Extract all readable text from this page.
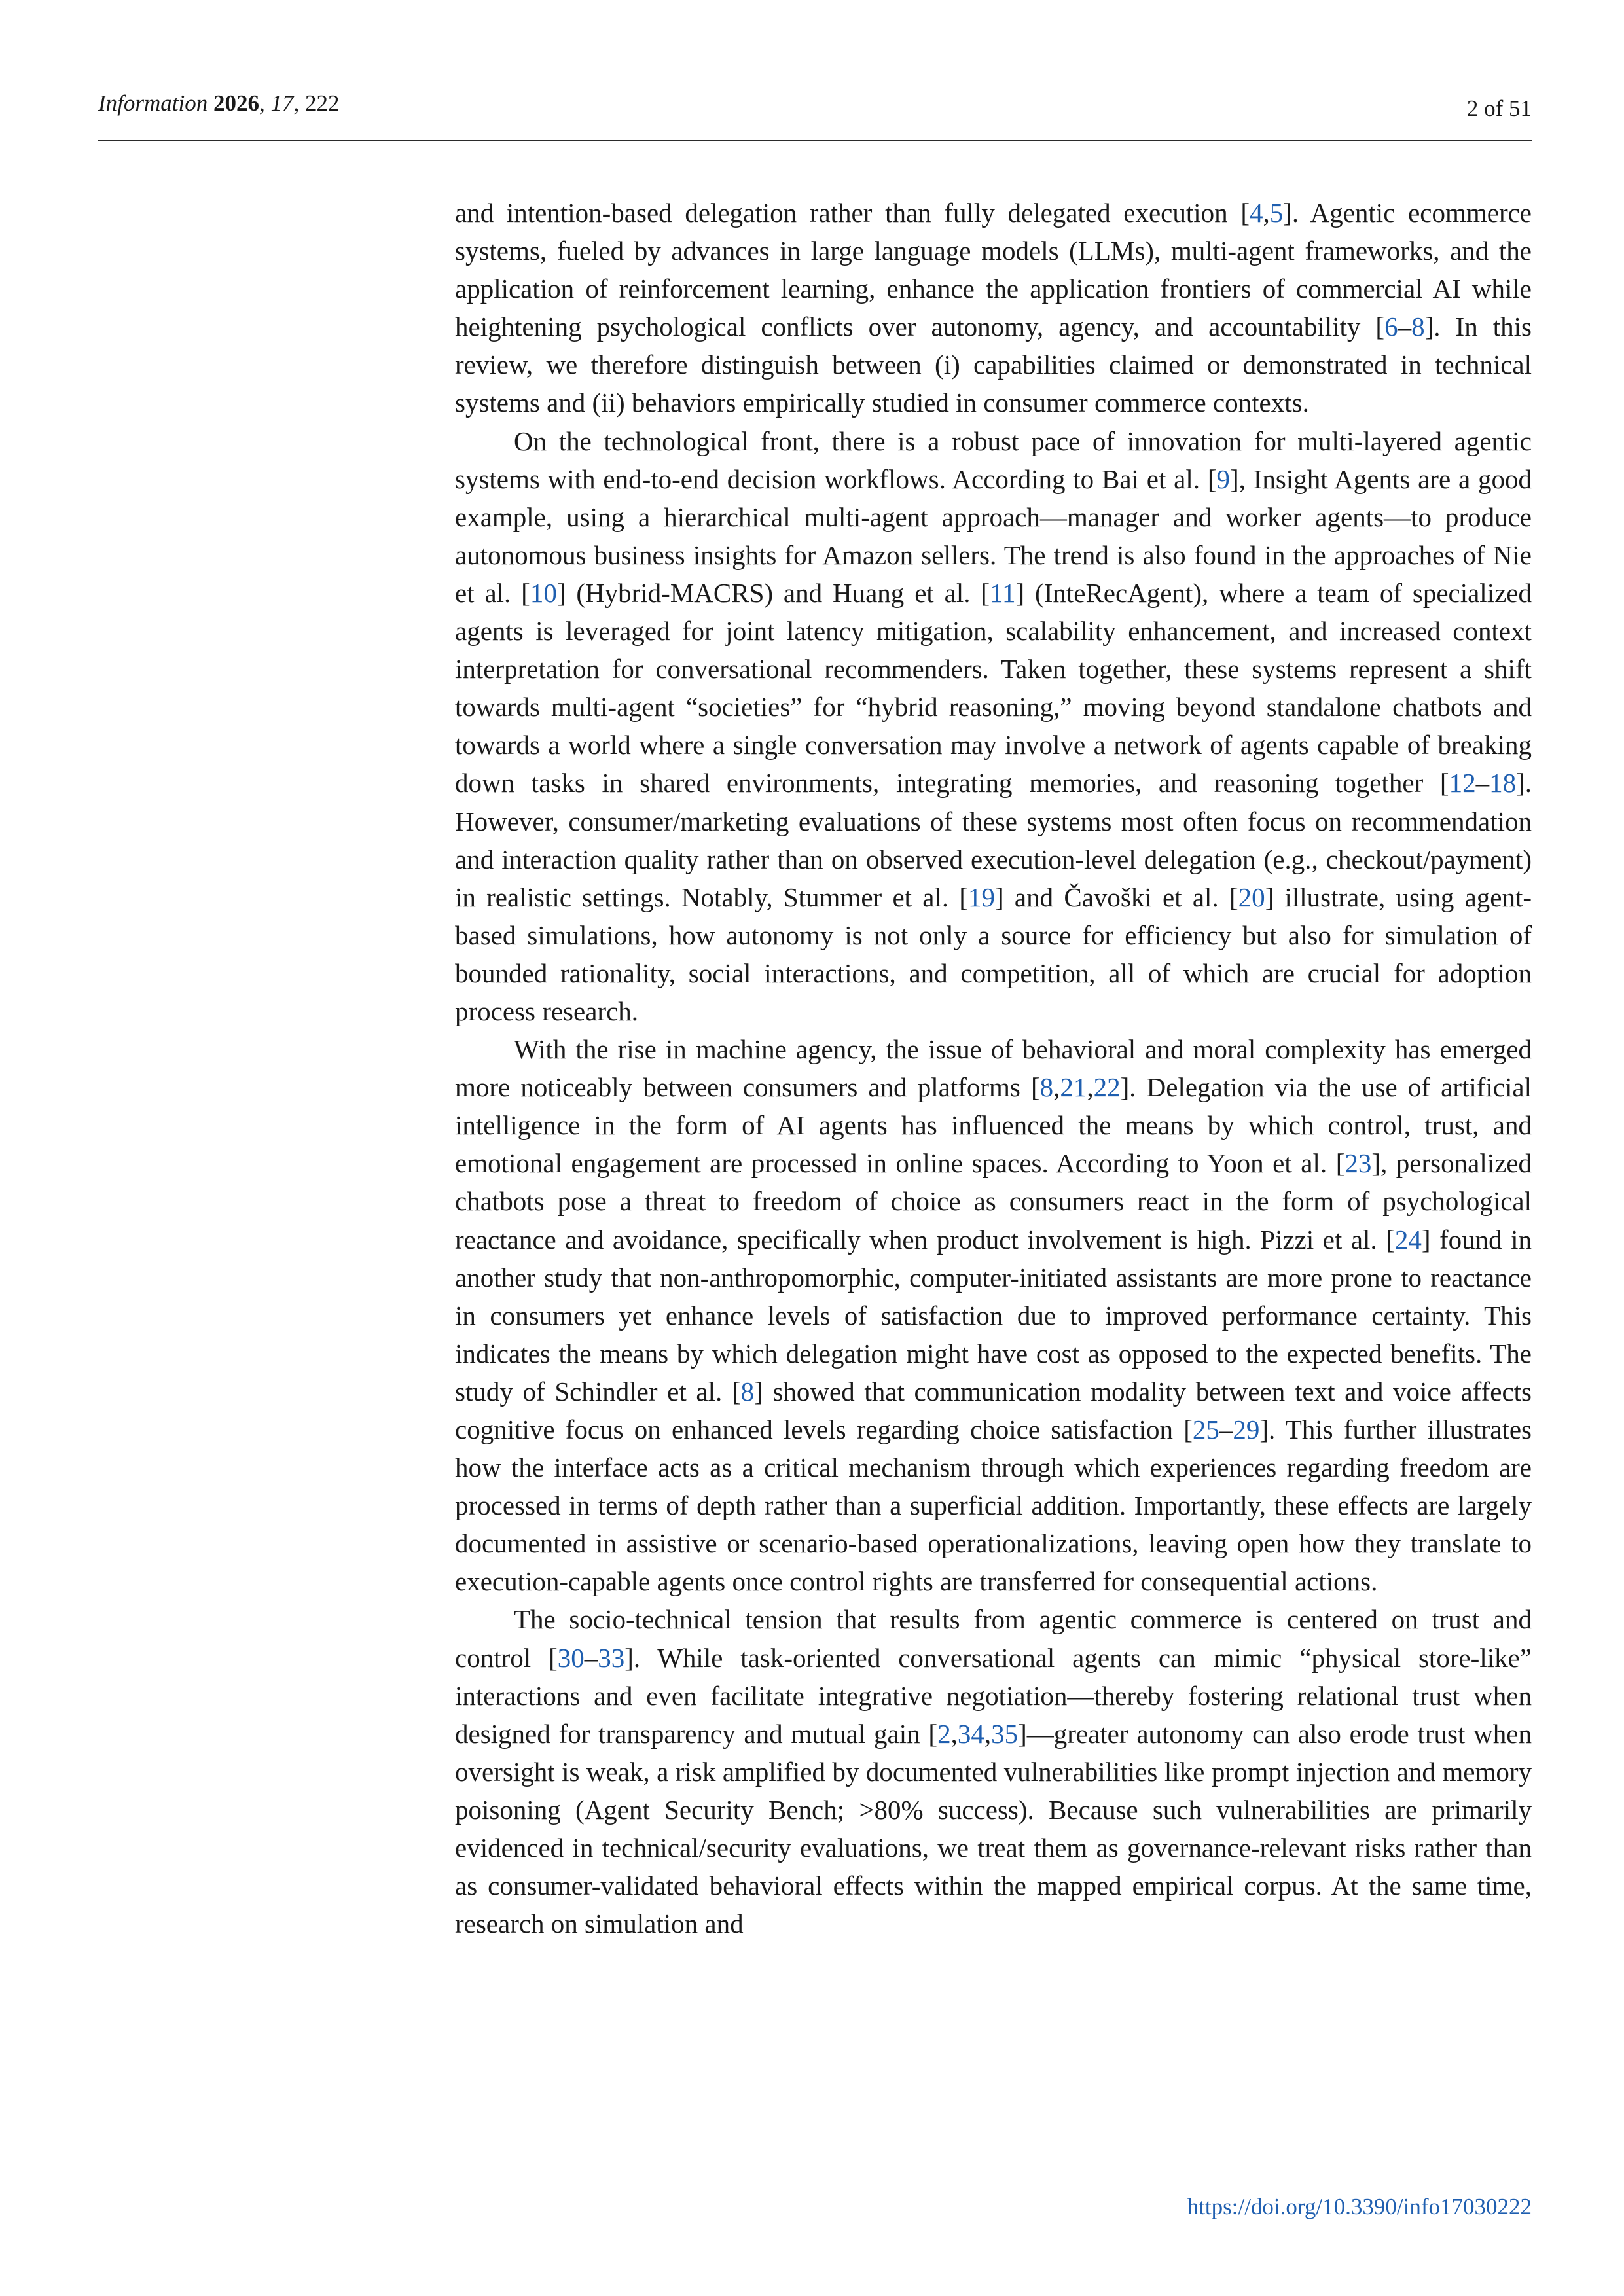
Information 2026, 17, 222	2 of 51

and intention-based delegation rather than fully delegated execution [4,5]. Agentic ecommerce systems, fueled by advances in large language models (LLMs), multi-agent frameworks, and the application of reinforcement learning, enhance the application frontiers of commercial AI while heightening psychological conflicts over autonomy, agency, and accountability [6–8]. In this review, we therefore distinguish between (i) capabilities claimed or demonstrated in technical systems and (ii) behaviors empirically studied in consumer commerce contexts.

On the technological front, there is a robust pace of innovation for multi-layered agentic systems with end-to-end decision workflows. According to Bai et al. [9], Insight Agents are a good example, using a hierarchical multi-agent approach—manager and worker agents—to produce autonomous business insights for Amazon sellers. The trend is also found in the approaches of Nie et al. [10] (Hybrid-MACRS) and Huang et al. [11] (InteRecAgent), where a team of specialized agents is leveraged for joint latency mitigation, scalability enhancement, and increased context interpretation for conversational recommenders. Taken together, these systems represent a shift towards multi-agent “societies” for “hybrid reasoning,” moving beyond standalone chatbots and towards a world where a single conversation may involve a network of agents capable of breaking down tasks in shared environments, integrating memories, and reasoning together [12–18]. However, consumer/marketing evaluations of these systems most often focus on recommendation and interaction quality rather than on observed execution-level delegation (e.g., checkout/payment) in realistic settings. Notably, Stummer et al. [19] and Čavoški et al. [20] illustrate, using agent-based simulations, how autonomy is not only a source for efficiency but also for simulation of bounded rationality, social interactions, and competition, all of which are crucial for adoption process research.

With the rise in machine agency, the issue of behavioral and moral complexity has emerged more noticeably between consumers and platforms [8,21,22]. Delegation via the use of artificial intelligence in the form of AI agents has influenced the means by which control, trust, and emotional engagement are processed in online spaces. According to Yoon et al. [23], personalized chatbots pose a threat to freedom of choice as consumers react in the form of psychological reactance and avoidance, specifically when product involvement is high. Pizzi et al. [24] found in another study that non-anthropomorphic, computer-initiated assistants are more prone to reactance in consumers yet enhance levels of satisfaction due to improved performance certainty. This indicates the means by which delegation might have cost as opposed to the expected benefits. The study of Schindler et al. [8] showed that communication modality between text and voice affects cognitive focus on enhanced levels regarding choice satisfaction [25–29]. This further illustrates how the interface acts as a critical mechanism through which experiences regarding freedom are processed in terms of depth rather than a superficial addition. Importantly, these effects are largely documented in assistive or scenario-based operationalizations, leaving open how they translate to execution-capable agents once control rights are transferred for consequential actions.

The socio-technical tension that results from agentic commerce is centered on trust and control [30–33]. While task-oriented conversational agents can mimic “physical store-like” interactions and even facilitate integrative negotiation—thereby fostering relational trust when designed for transparency and mutual gain [2,34,35]—greater autonomy can also erode trust when oversight is weak, a risk amplified by documented vulnerabilities like prompt injection and memory poisoning (Agent Security Bench; >80% success). Because such vulnerabilities are primarily evidenced in technical/security evaluations, we treat them as governance-relevant risks rather than as consumer-validated behavioral effects within the mapped empirical corpus. At the same time, research on simulation and

https://doi.org/10.3390/info17030222
